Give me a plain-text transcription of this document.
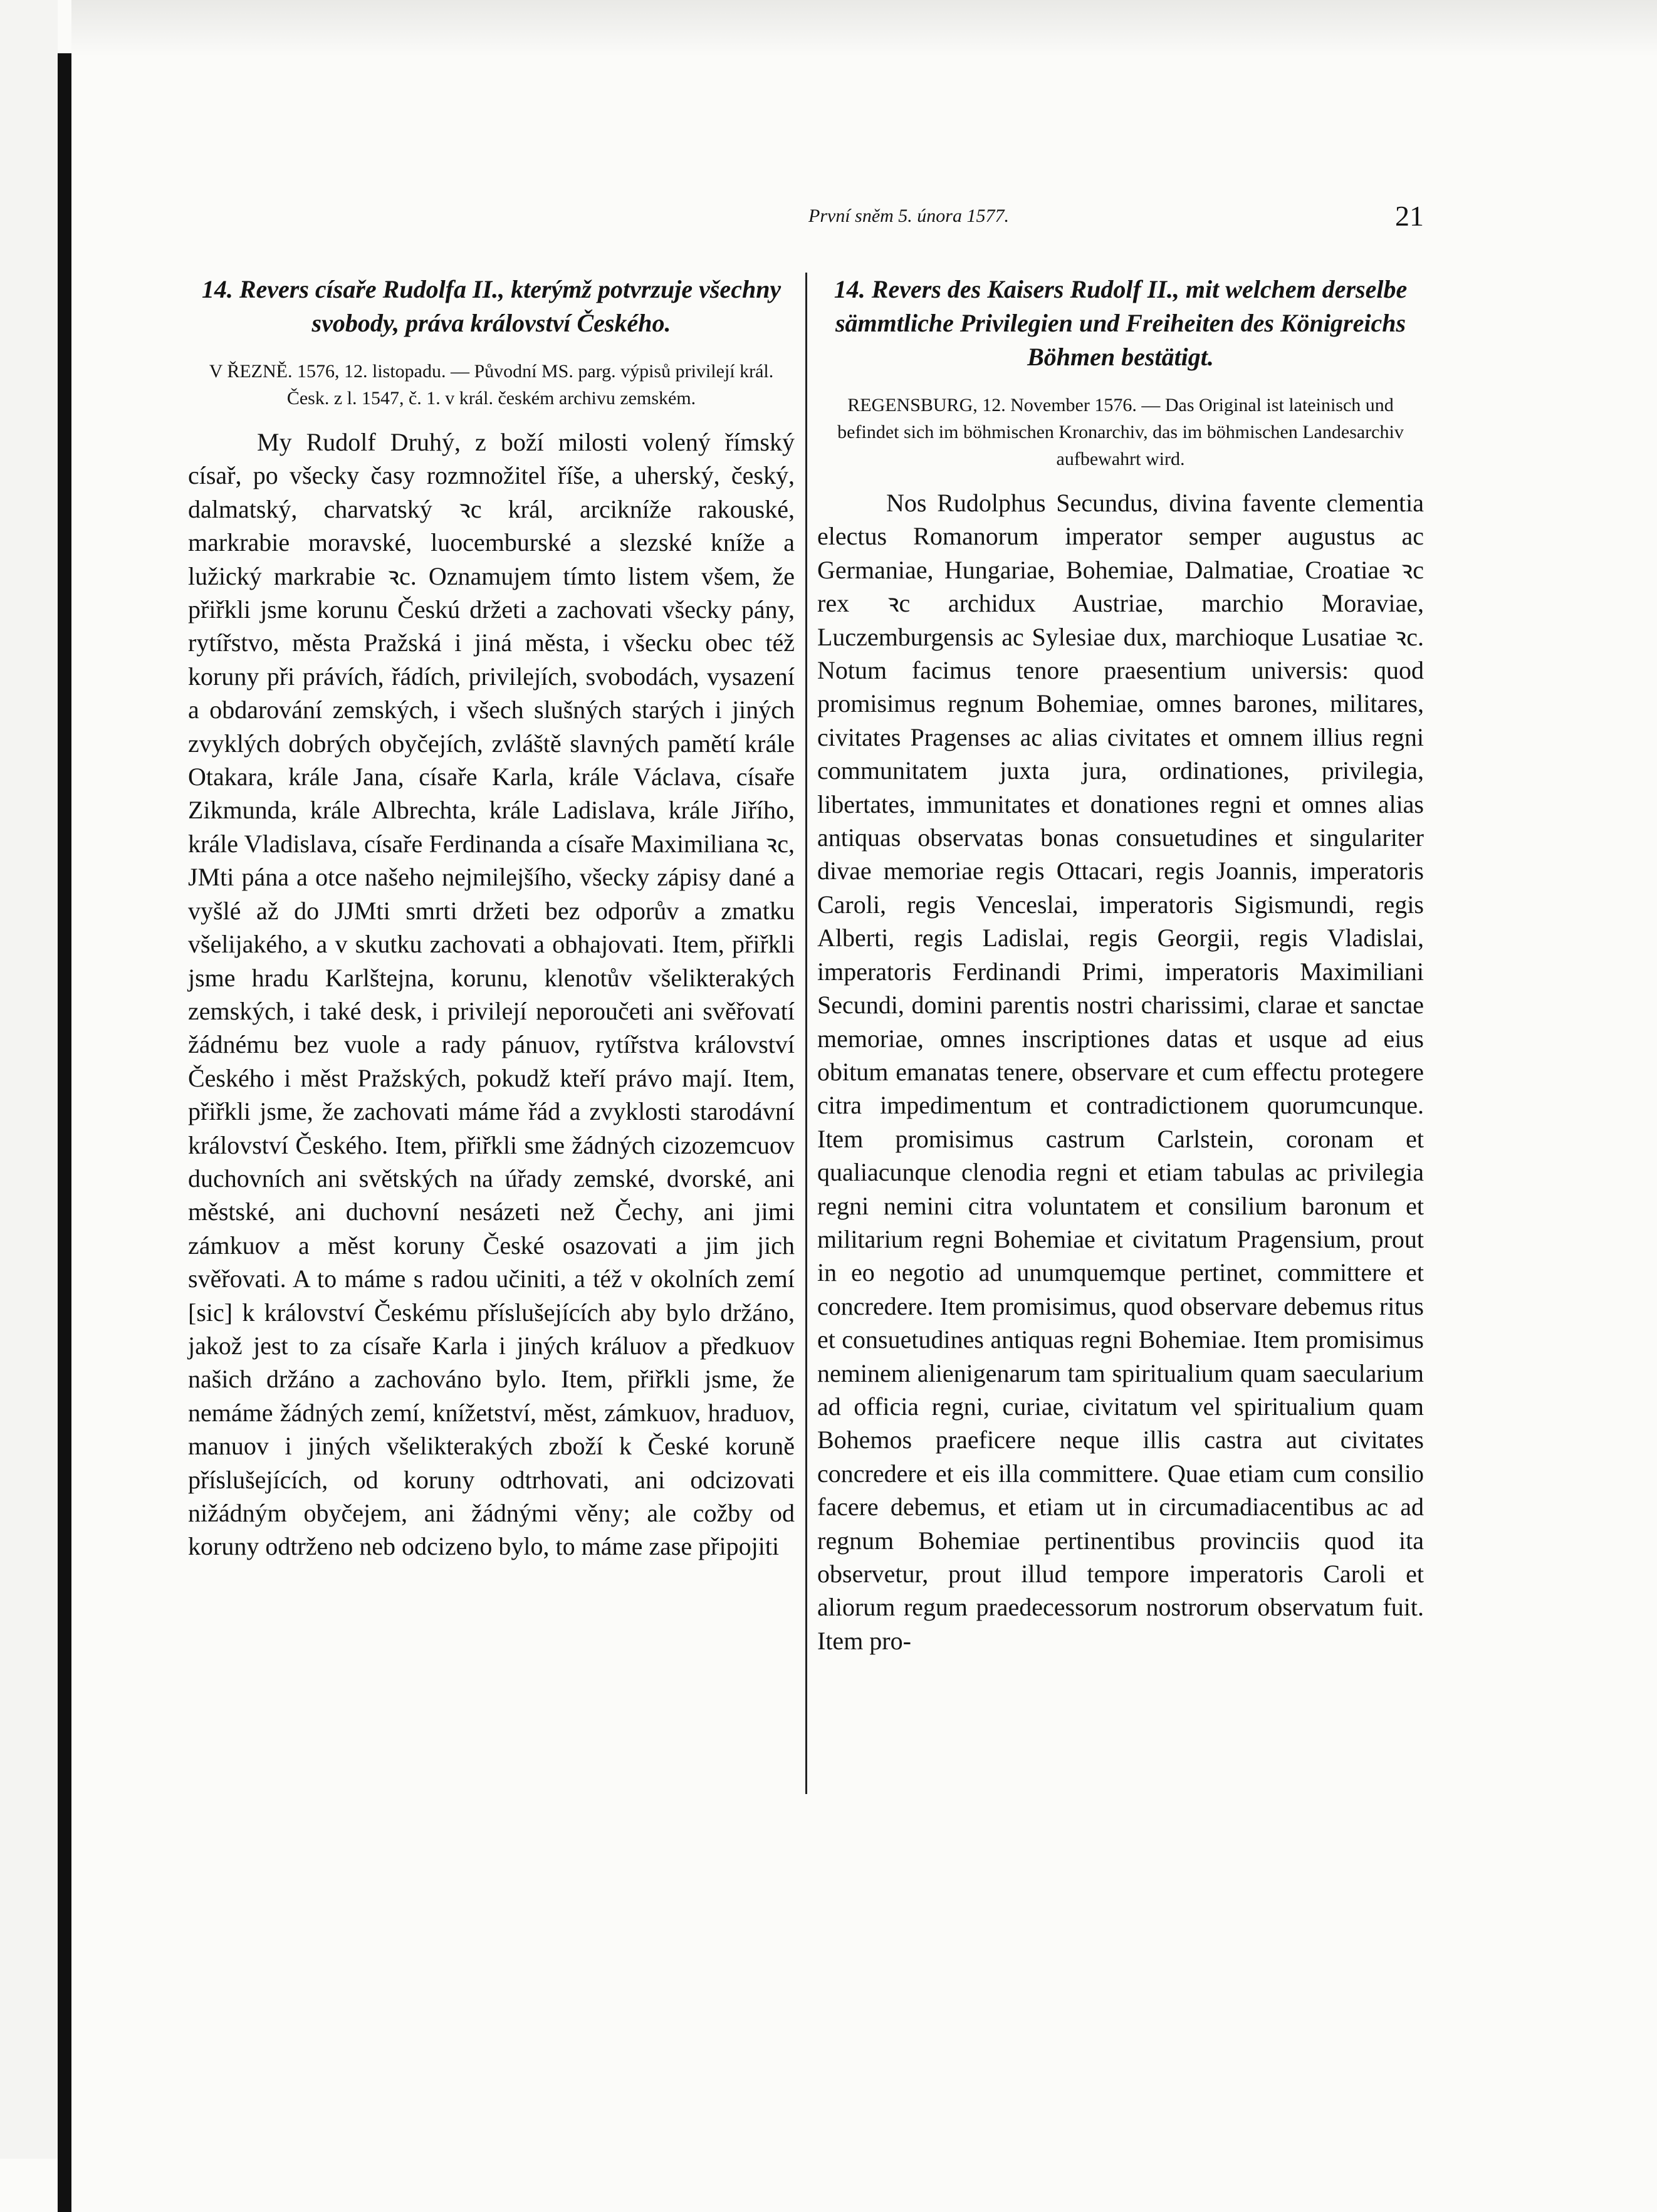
První sněm 5. února 1577.	21
14. Revers císaře Rudolfa II., kterýmž potvrzuje všechny svobody, práva království Českého.
V ŘEZNĚ. 1576, 12. listopadu. — Původní MS. parg. výpisů privilejí král. Česk. z l. 1547, č. 1. v král. českém archivu zemském.

My Rudolf Druhý, z boží milosti volený římský císař, po všecky časy rozmnožitel říše, a uherský, český, dalmatský, charvatský ꝛc král, arcikníže rakouské, markrabie moravské, luocemburské a slezské kníže a lužický markrabie ꝛc. Oznamujem tímto listem všem, že přiřkli jsme korunu Českú držeti a zachovati všecky pány, rytířstvo, města Pražská i jiná města, i všecku obec též koruny při právích, řádích, privilejích, svobodách, vysazení a obdarování zemských, i všech slušných starých i jiných zvyklých dobrých obyčejích, zvláště slavných pamětí krále Otakara, krále Jana, císaře Karla, krále Václava, císaře Zikmunda, krále Albrechta, krále Ladislava, krále Jiřího, krále Vladislava, císaře Ferdinanda a císaře Maximiliana ꝛc, JMti pána a otce našeho nejmilejšího, všecky zápisy dané a vyšlé až do JJMti smrti držeti bez odporův a zmatku všelijakého, a v skutku zachovati a obhajovati. Item, přiřkli jsme hradu Karlštejna, korunu, klenotův všelikterakých zemských, i také desk, i privilejí neporoučeti ani svěřovatí žádnému bez vuole a rady pánuov, rytířstva království Českého i měst Pražských, pokudž kteří právo mají. Item, přiřkli jsme, že zachovati máme řád a zvyklosti starodávní království Českého. Item, přiřkli sme žádných cizozemcuov duchovních ani světských na úřady zemské, dvorské, ani městské, ani duchovní nesázeti než Čechy, ani jimi zámkuov a měst koruny České osazovati a jim jich svěřovati. A to máme s radou učiniti, a též v okolních zemí [sic] k království Českému příslušejících aby bylo držáno, jakož jest to za císaře Karla i jiných králuov a předkuov našich držáno a zachováno bylo. Item, přiřkli jsme, že nemáme žádných zemí, knížetství, měst, zámkuov, hraduov, manuov i jiných všelikterakých zboží k České koruně příslušejících, od koruny odtrhovati, ani odcizovati nižádným obyčejem, ani žádnými věny; ale cožby od koruny odtrženo neb odcizeno bylo, to máme zase připojiti

14. Revers des Kaisers Rudolf II., mit welchem derselbe sämmtliche Privilegien und Freiheiten des Königreichs Böhmen bestätigt.
REGENSBURG, 12. November 1576. — Das Original ist lateinisch und befindet sich im böhmischen Kronarchiv, das im böhmischen Landesarchiv aufbewahrt wird.

Nos Rudolphus Secundus, divina favente clementia electus Romanorum imperator semper augustus ac Germaniae, Hungariae, Bohemiae, Dalmatiae, Croatiae ꝛc rex ꝛc archidux Austriae, marchio Moraviae, Luczemburgensis ac Sylesiae dux, marchioque Lusatiae ꝛc. Notum facimus tenore praesentium universis: quod promisimus regnum Bohemiae, omnes barones, militares, civitates Pragenses ac alias civitates et omnem illius regni communitatem juxta jura, ordinationes, privilegia, libertates, immunitates et donationes regni et omnes alias antiquas observatas bonas consuetudines et singulariter divae memoriae regis Ottacari, regis Joannis, imperatoris Caroli, regis Venceslai, imperatoris Sigismundi, regis Alberti, regis Ladislai, regis Georgii, regis Vladislai, imperatoris Ferdinandi Primi, imperatoris Maximiliani Secundi, domini parentis nostri charissimi, clarae et sanctae memoriae, omnes inscriptiones datas et usque ad eius obitum emanatas tenere, observare et cum effectu protegere citra impedimentum et contradictionem quorumcunque. Item promisimus castrum Carlstein, coronam et qualiacunque clenodia regni et etiam tabulas ac privilegia regni nemini citra voluntatem et consilium baronum et militarium regni Bohemiae et civitatum Pragensium, prout in eo negotio ad unumquemque pertinet, committere et concredere. Item promisimus, quod observare debemus ritus et consuetudines antiquas regni Bohemiae. Item promisimus neminem alienigenarum tam spiritualium quam saecularium ad officia regni, curiae, civitatum vel spiritualium quam Bohemos praeficere neque illis castra aut civitates concredere et eis illa committere. Quae etiam cum consilio facere debemus, et etiam ut in circumadiacentibus ac ad regnum Bohemiae pertinentibus provinciis quod ita observetur, prout illud tempore imperatoris Caroli et aliorum regum praedecessorum nostrorum observatum fuit. Item pro-
